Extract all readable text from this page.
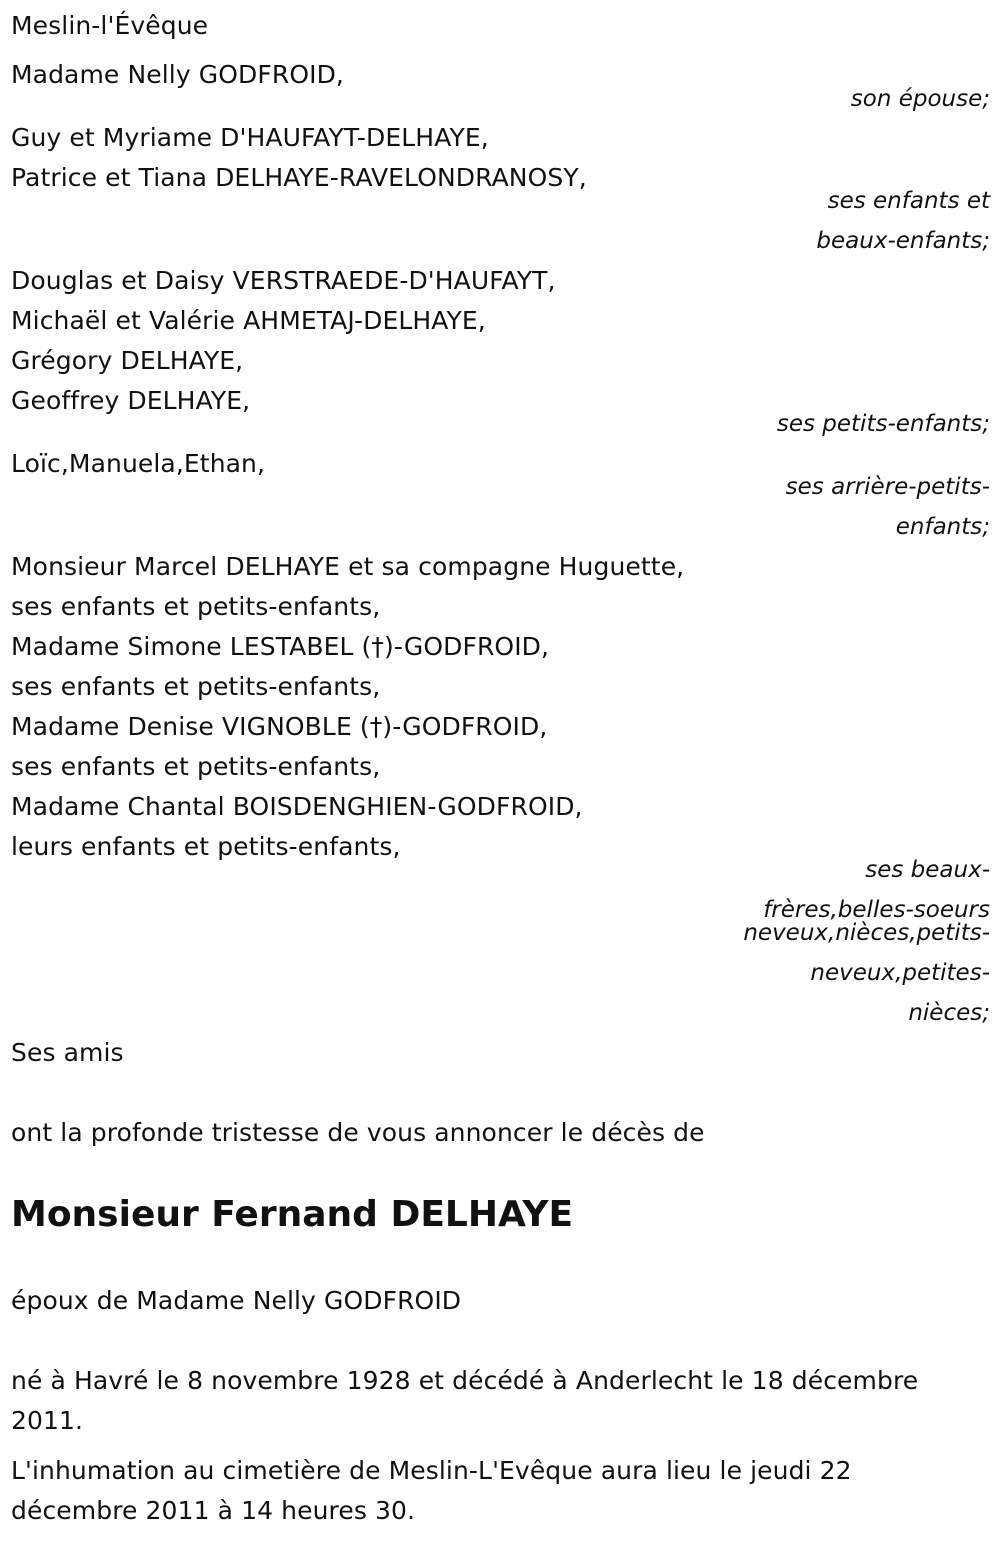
Meslin-l'Évêque
Madame Nelly GODFROID,
son épouse;
Guy et Myriame D'HAUFAYT-DELHAYE,
Patrice et Tiana DELHAYE-RAVELONDRANOSY,
ses enfants et
beaux-enfants;
Douglas et Daisy VERSTRAEDE-D'HAUFAYT,
Michaël et Valérie AHMETAJ-DELHAYE,
Grégory DELHAYE,
Geoffrey DELHAYE,
ses petits-enfants;
Loïc,Manuela,Ethan,
ses arrière-petits-
enfants;
Monsieur Marcel DELHAYE et sa compagne Huguette,
ses enfants et petits-enfants,
Madame Simone LESTABEL (†)-GODFROID,
ses enfants et petits-enfants,
Madame Denise VIGNOBLE (†)-GODFROID,
ses enfants et petits-enfants,
Madame Chantal BOISDENGHIEN-GODFROID,
leurs enfants et petits-enfants,
ses beaux-
frères,belles-soeurs
neveux,nièces,petits-
neveux,petites-
nièces;
Ses amis
ont la profonde tristesse de vous annoncer le décès de
Monsieur Fernand DELHAYE
époux de Madame Nelly GODFROID
né à Havré le 8 novembre 1928 et décédé à Anderlecht le 18 décembre
2011.
L'inhumation au cimetière de Meslin-L'Evêque aura lieu le jeudi 22
décembre 2011 à 14 heures 30.
